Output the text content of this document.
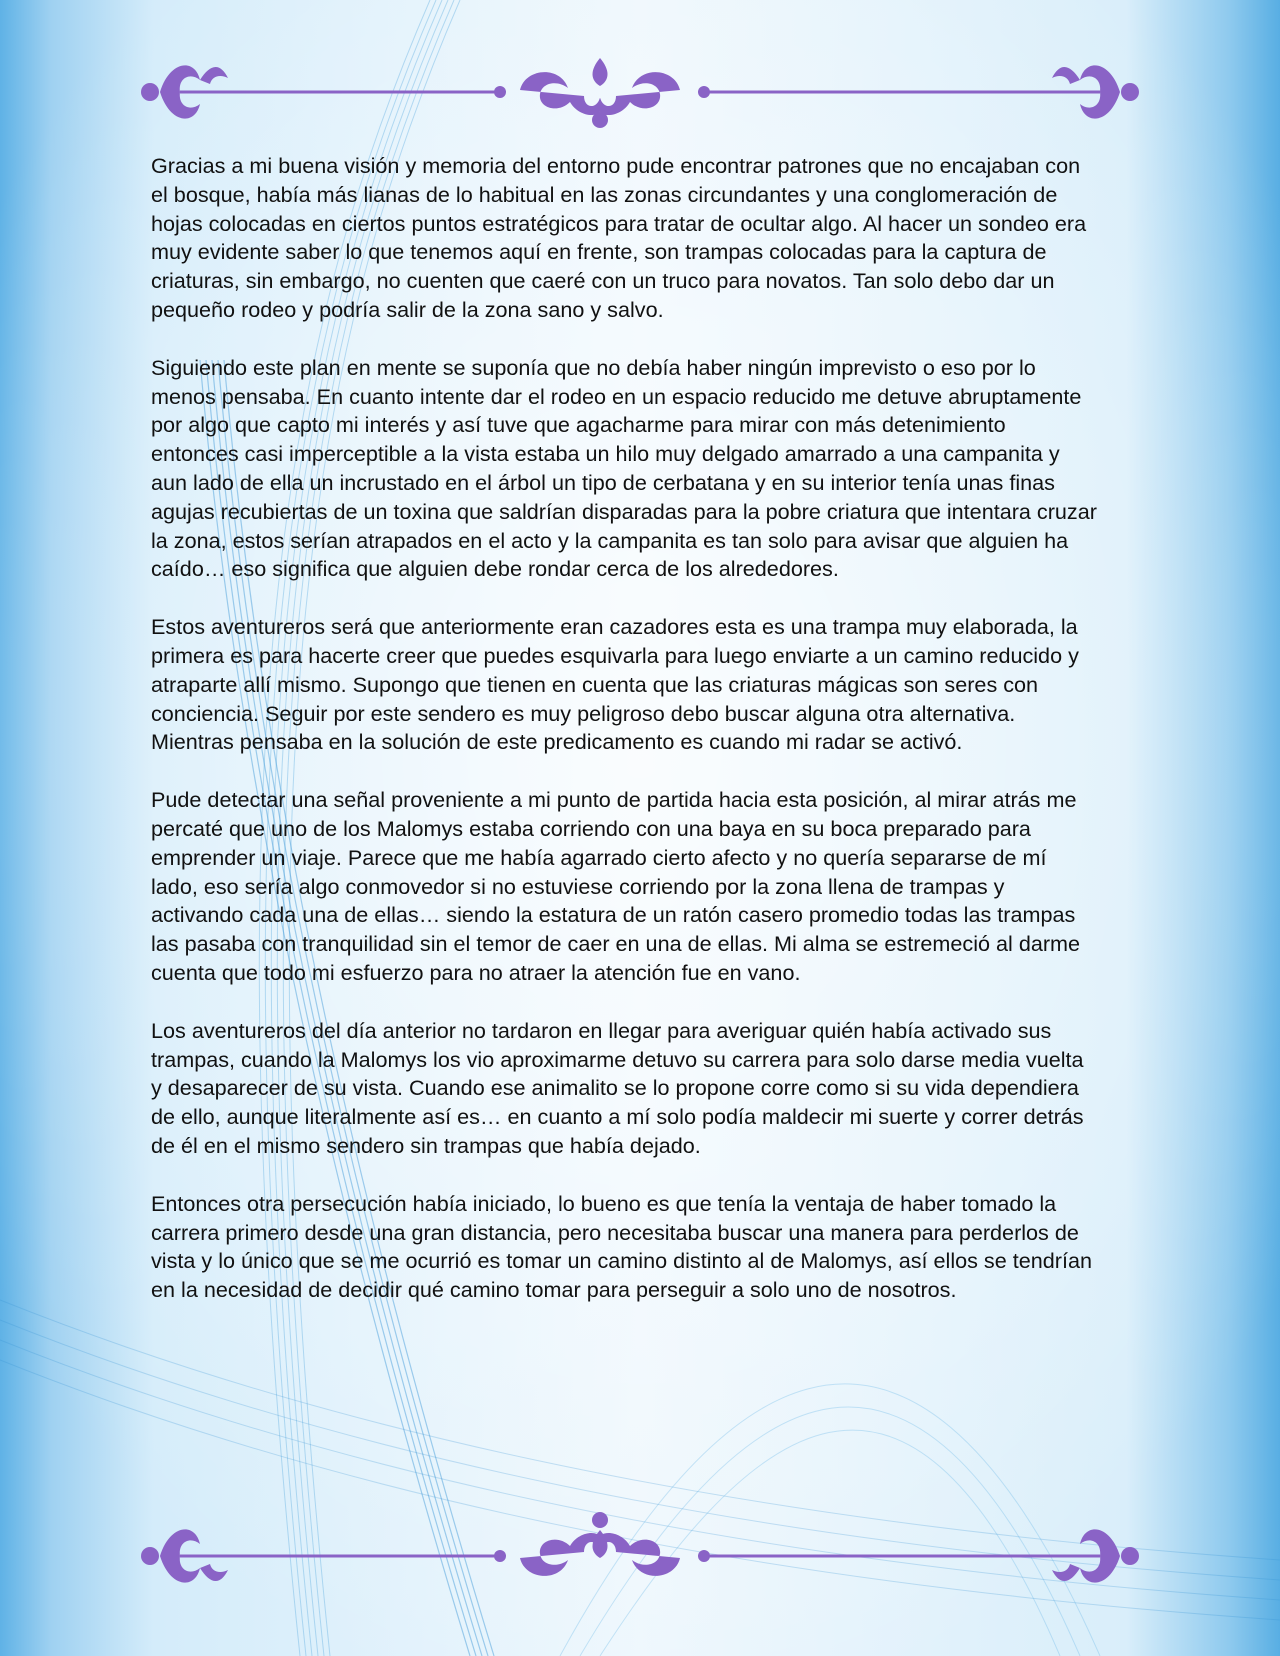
Gracias a mi buena visión y memoria del entorno pude encontrar patrones que no encajaban con el bosque, había más lianas de lo habitual en las zonas circundantes y una conglomeración de hojas colocadas en ciertos puntos estratégicos para tratar de ocultar algo. Al hacer un sondeo era muy evidente saber lo que tenemos aquí en frente, son trampas colocadas para la captura de criaturas, sin embargo, no cuenten que caeré con un truco para novatos. Tan solo debo dar un pequeño rodeo y podría salir de la zona sano y salvo.

Siguiendo este plan en mente se suponía que no debía haber ningún imprevisto o eso por lo menos pensaba. En cuanto intente dar el rodeo en un espacio reducido me detuve abruptamente por algo que capto mi interés y así tuve que agacharme para mirar con más detenimiento entonces casi imperceptible a la vista estaba un hilo muy delgado amarrado a una campanita y aun lado de ella un incrustado en el árbol un tipo de cerbatana y en su interior tenía unas finas agujas recubiertas de un toxina que saldrían disparadas para la pobre criatura que intentara cruzar la zona, estos serían atrapados en el acto y la campanita es tan solo para avisar que alguien ha caído… eso significa que alguien debe rondar cerca de los alrededores.

Estos aventureros será que anteriormente eran cazadores esta es una trampa muy elaborada, la primera es para hacerte creer que puedes esquivarla para luego enviarte a un camino reducido y atraparte allí mismo. Supongo que tienen en cuenta que las criaturas mágicas son seres con conciencia. Seguir por este sendero es muy peligroso debo buscar alguna otra alternativa. Mientras pensaba en la solución de este predicamento es cuando mi radar se activó.

Pude detectar una señal proveniente a mi punto de partida hacia esta posición, al mirar atrás me percaté que uno de los Malomys estaba corriendo con una baya en su boca preparado para emprender un viaje. Parece que me había agarrado cierto afecto y no quería separarse de mí lado, eso sería algo conmovedor si no estuviese corriendo por la zona llena de trampas y activando cada una de ellas… siendo la estatura de un ratón casero promedio todas las trampas las pasaba con tranquilidad sin el temor de caer en una de ellas. Mi alma se estremeció al darme cuenta que todo mi esfuerzo para no atraer la atención fue en vano.

Los aventureros del día anterior no tardaron en llegar para averiguar quién había activado sus trampas, cuando la Malomys los vio aproximarme detuvo su carrera para solo darse media vuelta y desaparecer de su vista. Cuando ese animalito se lo propone corre como si su vida dependiera de ello, aunque literalmente así es… en cuanto a mí solo podía maldecir mi suerte y correr detrás de él en el mismo sendero sin trampas que había dejado.

Entonces otra persecución había iniciado, lo bueno es que tenía la ventaja de haber tomado la carrera primero desde una gran distancia, pero necesitaba buscar una manera para perderlos de vista y lo único que se me ocurrió es tomar un camino distinto al de Malomys, así ellos se tendrían en la necesidad de decidir qué camino tomar para perseguir a solo uno de nosotros.
